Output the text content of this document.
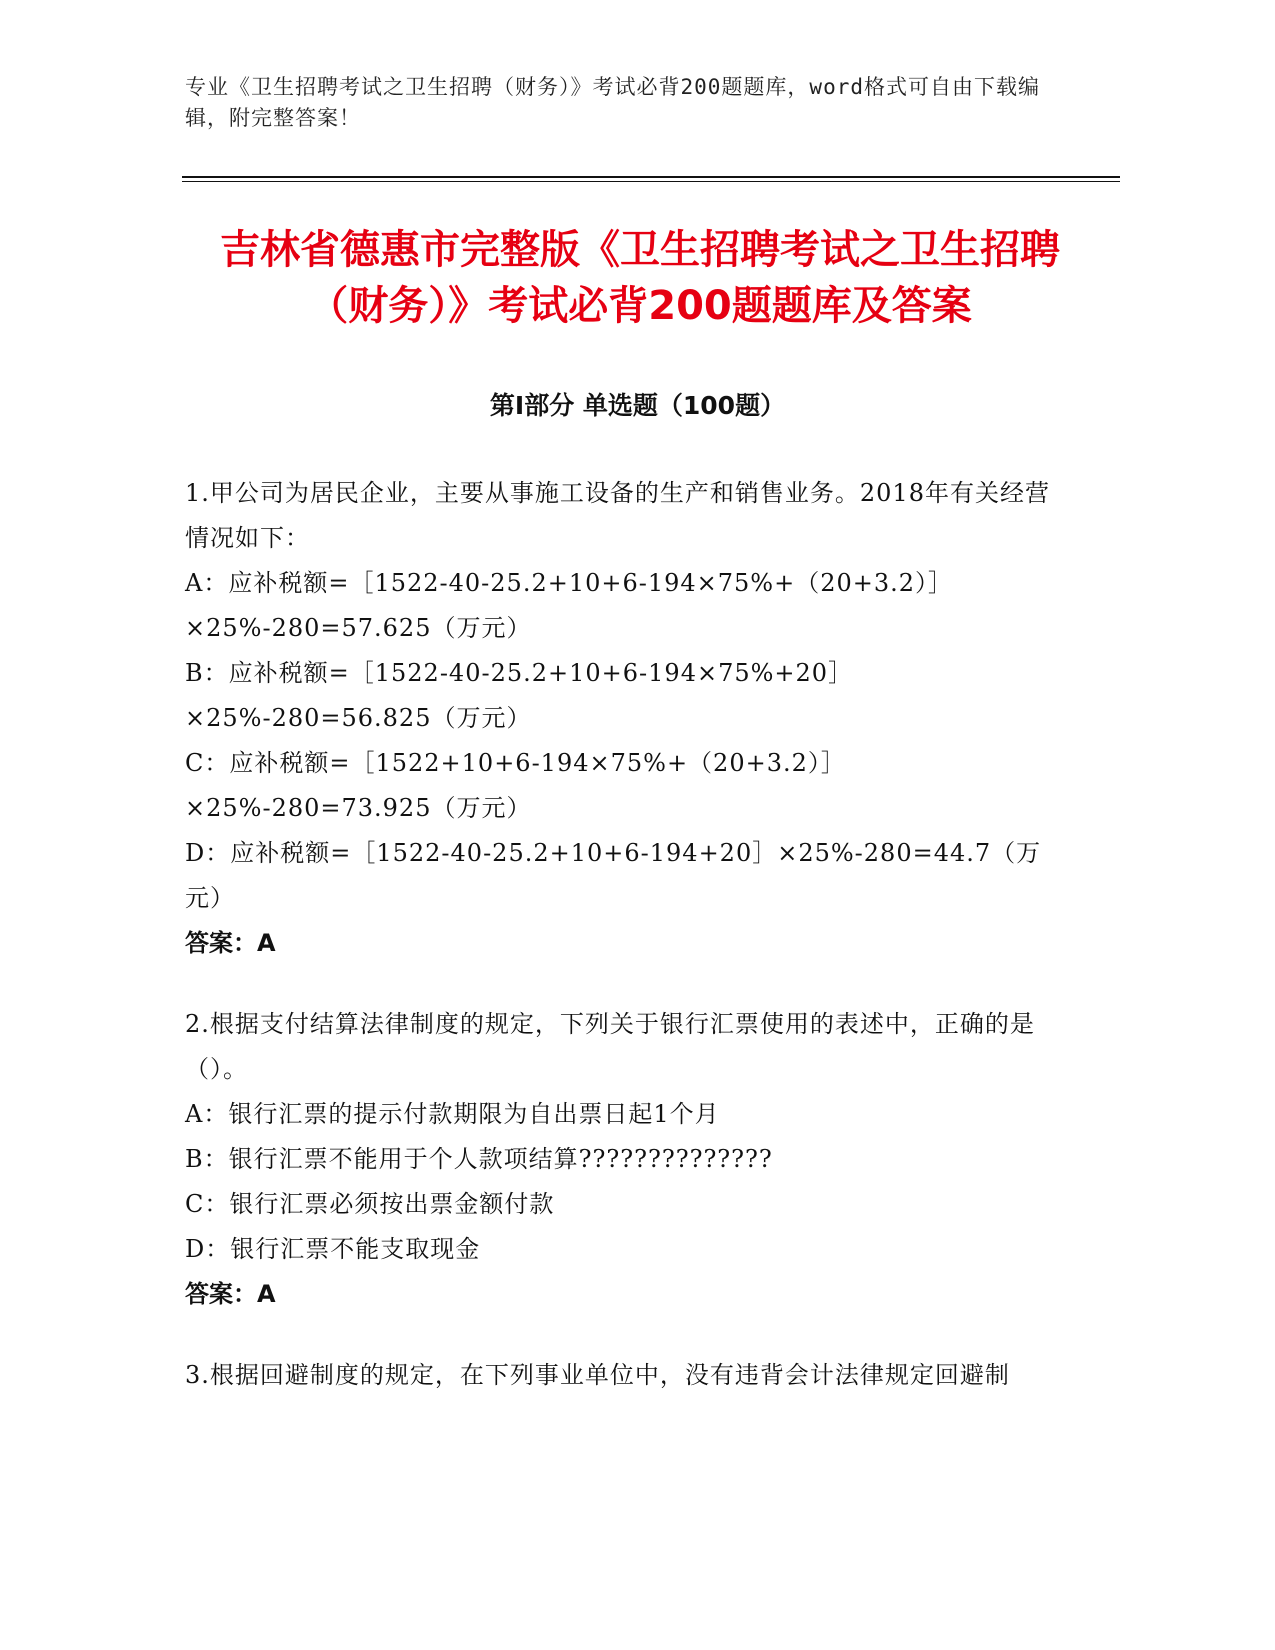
专业《卫生招聘考试之卫生招聘（财务）》考试必背200题题库，word格式可自由下载编辑，附完整答案！
吉林省德惠市完整版《卫生招聘考试之卫生招聘（财务）》考试必背200题题库及答案
第Ⅰ部分 单选题（100题）

1.甲公司为居民企业，主要从事施工设备的生产和销售业务。2018年有关经营情况如下：

A：应补税额=［1522-40-25.2+10+6-194×75%+（20+3.2）］×25%-280=57.625（万元）

B：应补税额=［1522-40-25.2+10+6-194×75%+20］×25%-280=56.825（万元）

C：应补税额=［1522+10+6-194×75%+（20+3.2）］×25%-280=73.925（万元）

D：应补税额=［1522-40-25.2+10+6-194+20］×25%-280=44.7（万元）

答案：A

2.根据支付结算法律制度的规定，下列关于银行汇票使用的表述中，正确的是（）。

A：银行汇票的提示付款期限为自出票日起1个月

B：银行汇票不能用于个人款项结算??????????????

C：银行汇票必须按出票金额付款

D：银行汇票不能支取现金

答案：A

3.根据回避制度的规定，在下列事业单位中，没有违背会计法律规定回避制
